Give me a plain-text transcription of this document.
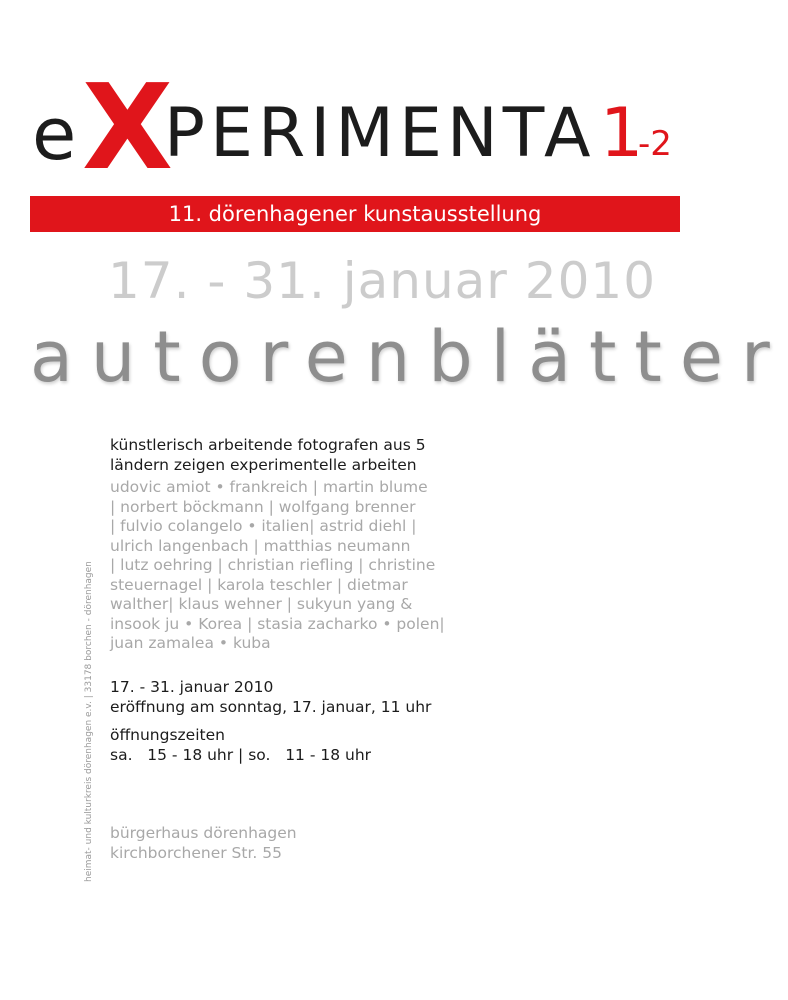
e X
PERIMENTA 1
-2
11. dörenhagener kunstausstellung
17. - 31. januar 2010
autorenblätter
heimat- und kulturkreis dörenhagen e.v. | 33178 borchen - dörenhagen
künstlerisch arbeitende fotografen aus 5
ländern zeigen experimentelle arbeiten
udovic amiot • frankreich | martin blume
| norbert böckmann | wolfgang brenner
| fulvio colangelo • italien| astrid diehl |
ulrich langenbach | matthias neumann
| lutz oehring | christian riefling | christine
steuernagel | karola teschler | dietmar
walther| klaus wehner | sukyun yang &
insook ju • Korea | stasia zacharko • polen|
juan zamalea • kuba
17. - 31. januar 2010
eröffnung am sonntag, 17. januar, 11 uhr
öffnungszeiten
sa.   15 - 18 uhr | so.   11 - 18 uhr
bürgerhaus dörenhagen
kirchborchener Str. 55
